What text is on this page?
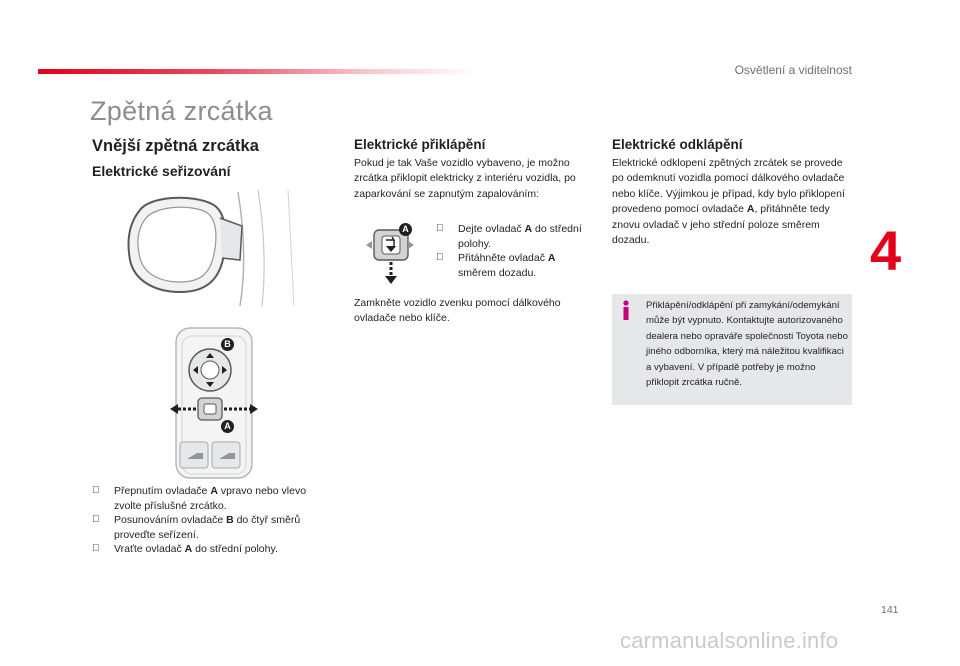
Osvětlení a viditelnost
Zpětná zrcátka
Vnější zpětná zrcátka
Elektrické seřizování
B
A
Přepnutím ovladače A vpravo nebo vlevo zvolte příslušné zrcátko.
Posunováním ovladače B do čtyř směrů proveďte seřízení.
Vraťte ovladač A do střední polohy.
Elektrické přiklápění

Pokud je tak Vaše vozidlo vybaveno, je možno zrcátka přiklopit elektricky z interiéru vozidla, po zaparkování se zapnutým zapalováním:

A	Dejte ovladač A do střední polohy.
Přitáhněte ovladač A směrem dozadu.

Zamkněte vozidlo zvenku pomocí dálkového ovladače nebo klíče.

Elektrické odklápění

Elektrické odklopení zpětných zrcátek se provede po odemknutí vozidla pomocí dálkového ovladače nebo klíče. Výjimkou je případ, kdy bylo přiklopení provedeno pomocí ovladače A, přitáhněte tedy znovu ovladač v jeho střední poloze směrem dozadu.

Přiklápění/odklápění při zamykání/odemykání může být vypnuto. Kontaktujte autorizovaného dealera nebo opraváře společnosti Toyota nebo jiného odborníka, který má náležitou kvalifikaci a vybavení. V případě potřeby je možno přiklopit zrcátka ručně.

4
141
carmanualsonline.info
